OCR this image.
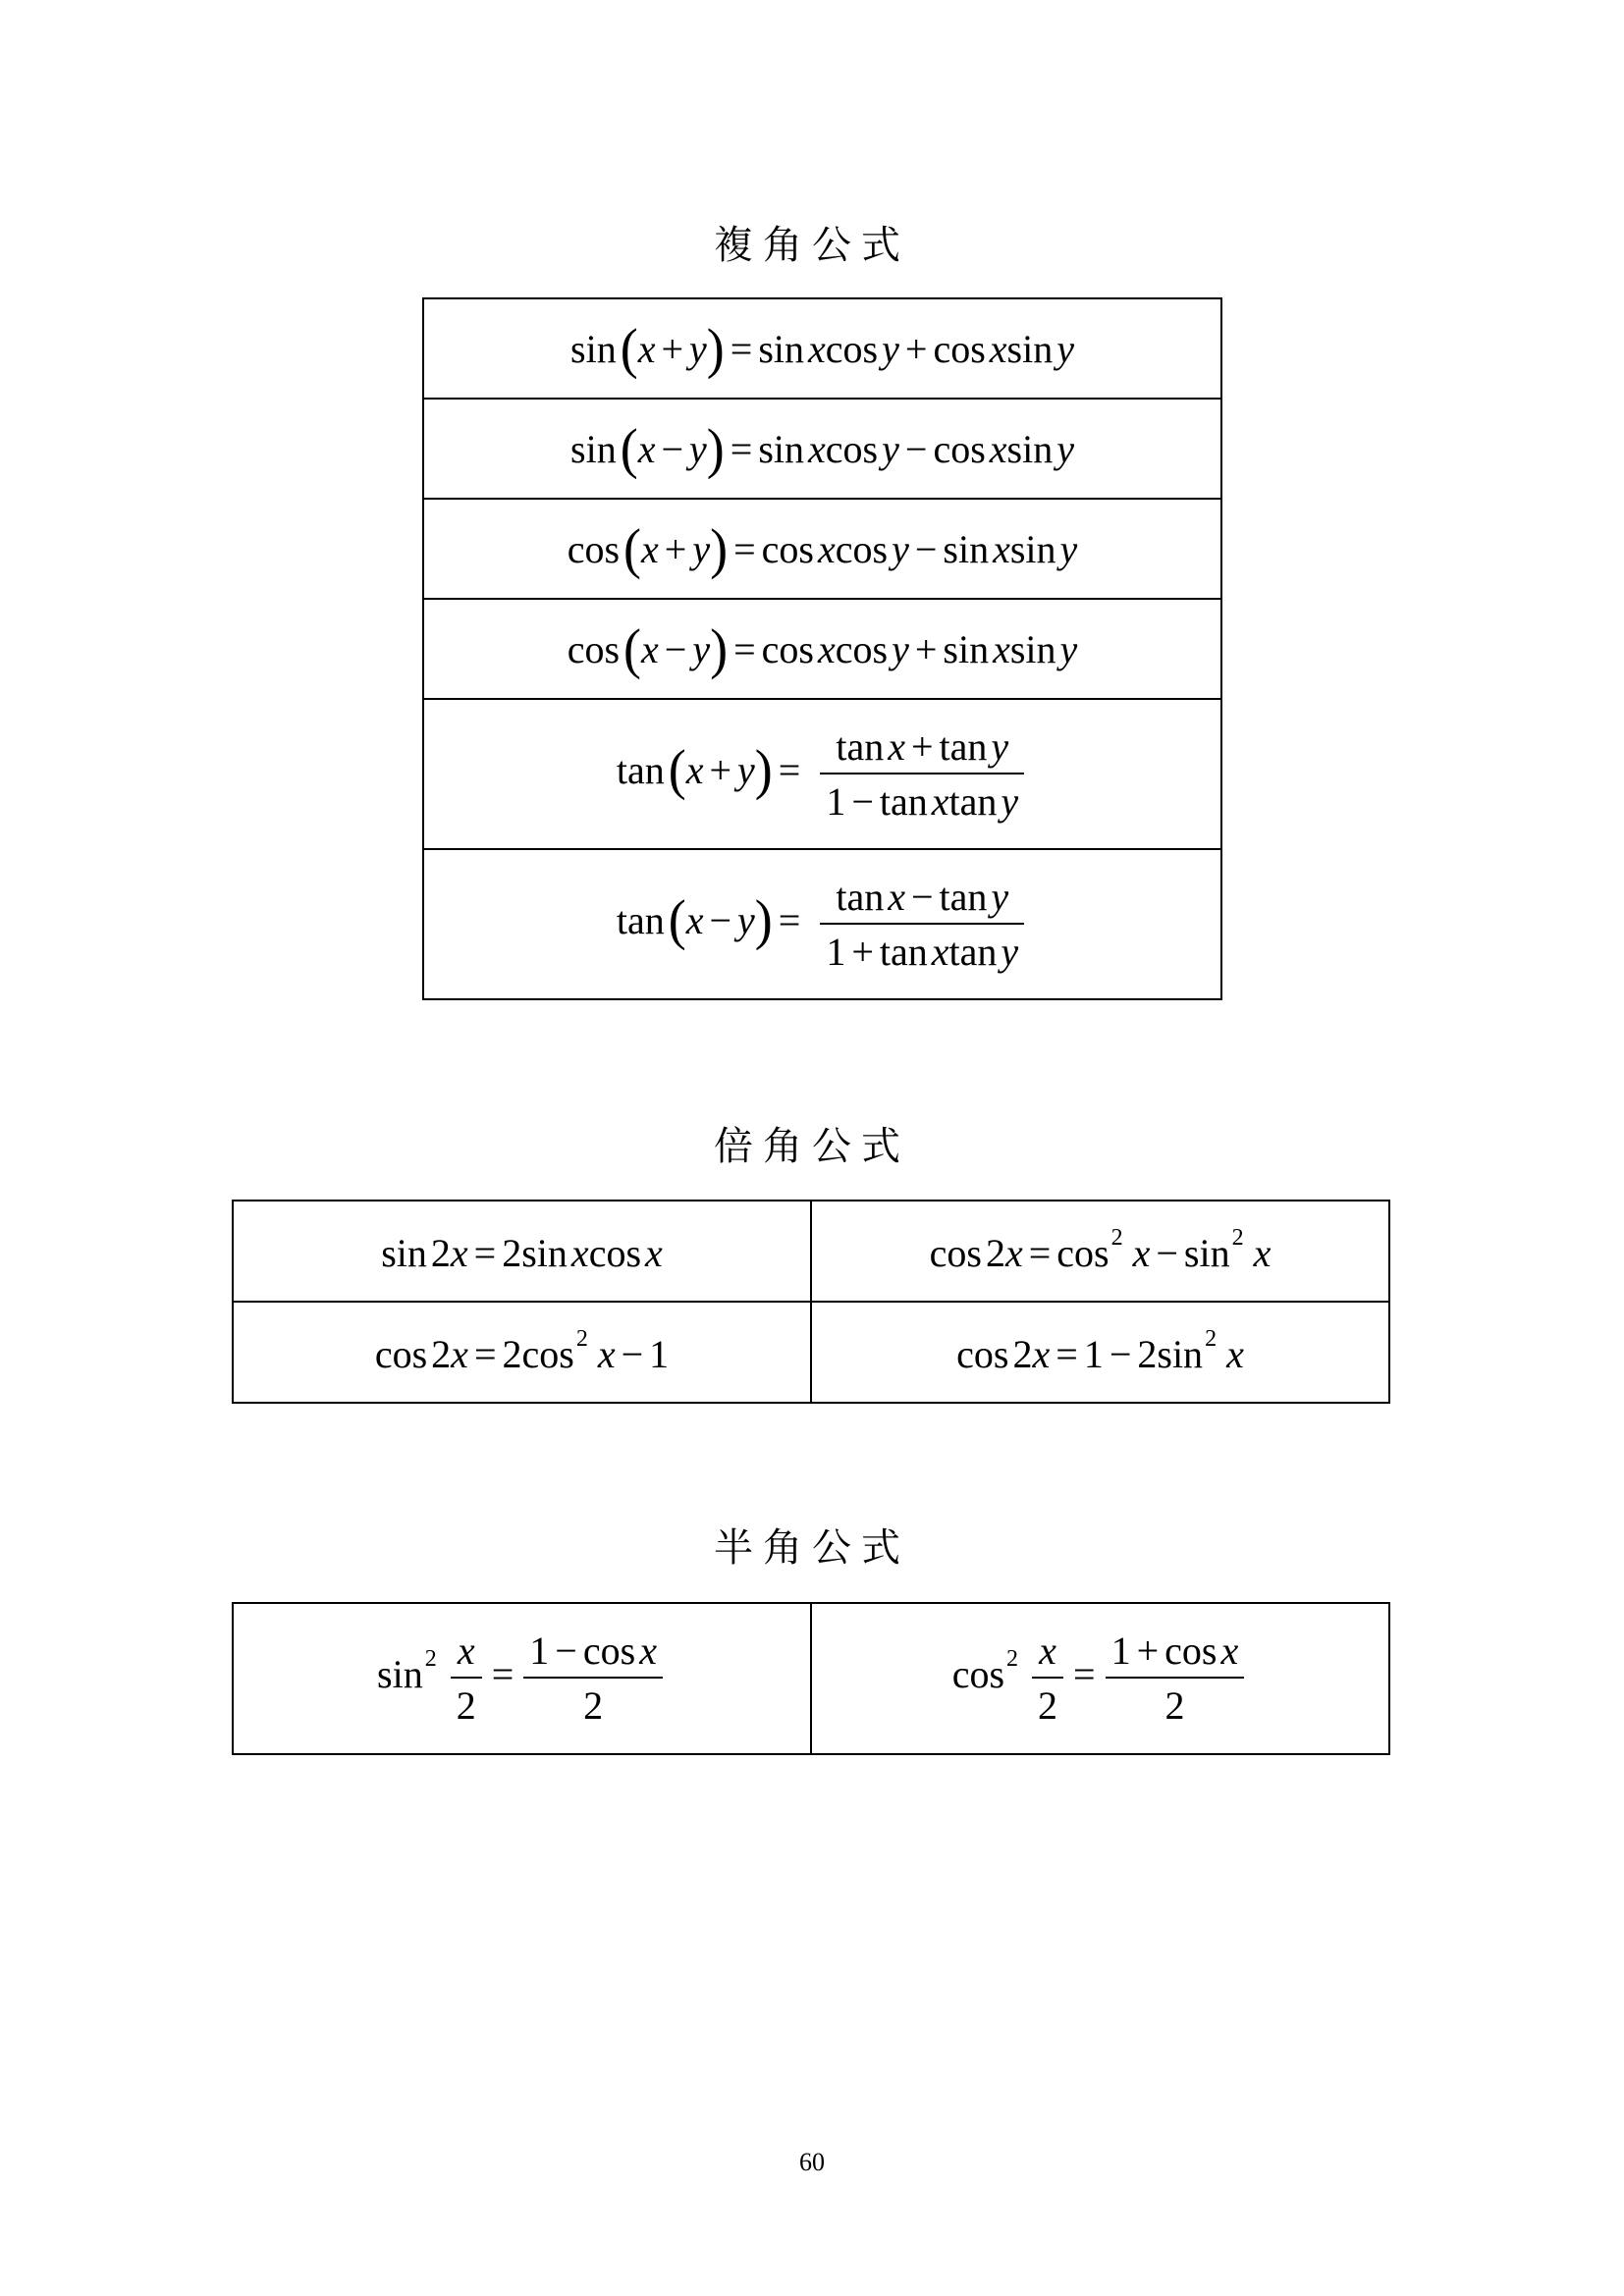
複角公式
sin(x + y) = sin xcos y + cos xsin y
sin(x − y) = sin xcos y − cos xsin y
cos(x + y) = cos xcos y − sin xsin y
cos(x − y) = cos xcos y + sin xsin y
$\tan(x + y) = \frac{\text{tan x + tan y}}{\text{1 − tan xtan y}}$

$\tan(x - y) = \frac{\text{tan x − tan y}}{\text{1 + tan xtan y}}$
倍角公式
sin 2x = 2sin xcos x	$\cos 2x = \cos^2 x - \sin^2 x$
$\cos 2x = 2\cos^2$ x − 1	$\cos 2x = 1 - 2\sin^2$ x
半角公式
$\sin^2 \frac{x}{2} = \frac{\text{1 − cos x}}{2}$	$\cos^2 \frac{x}{2} = \frac{\text{1 + cos x}}{2}$
60
